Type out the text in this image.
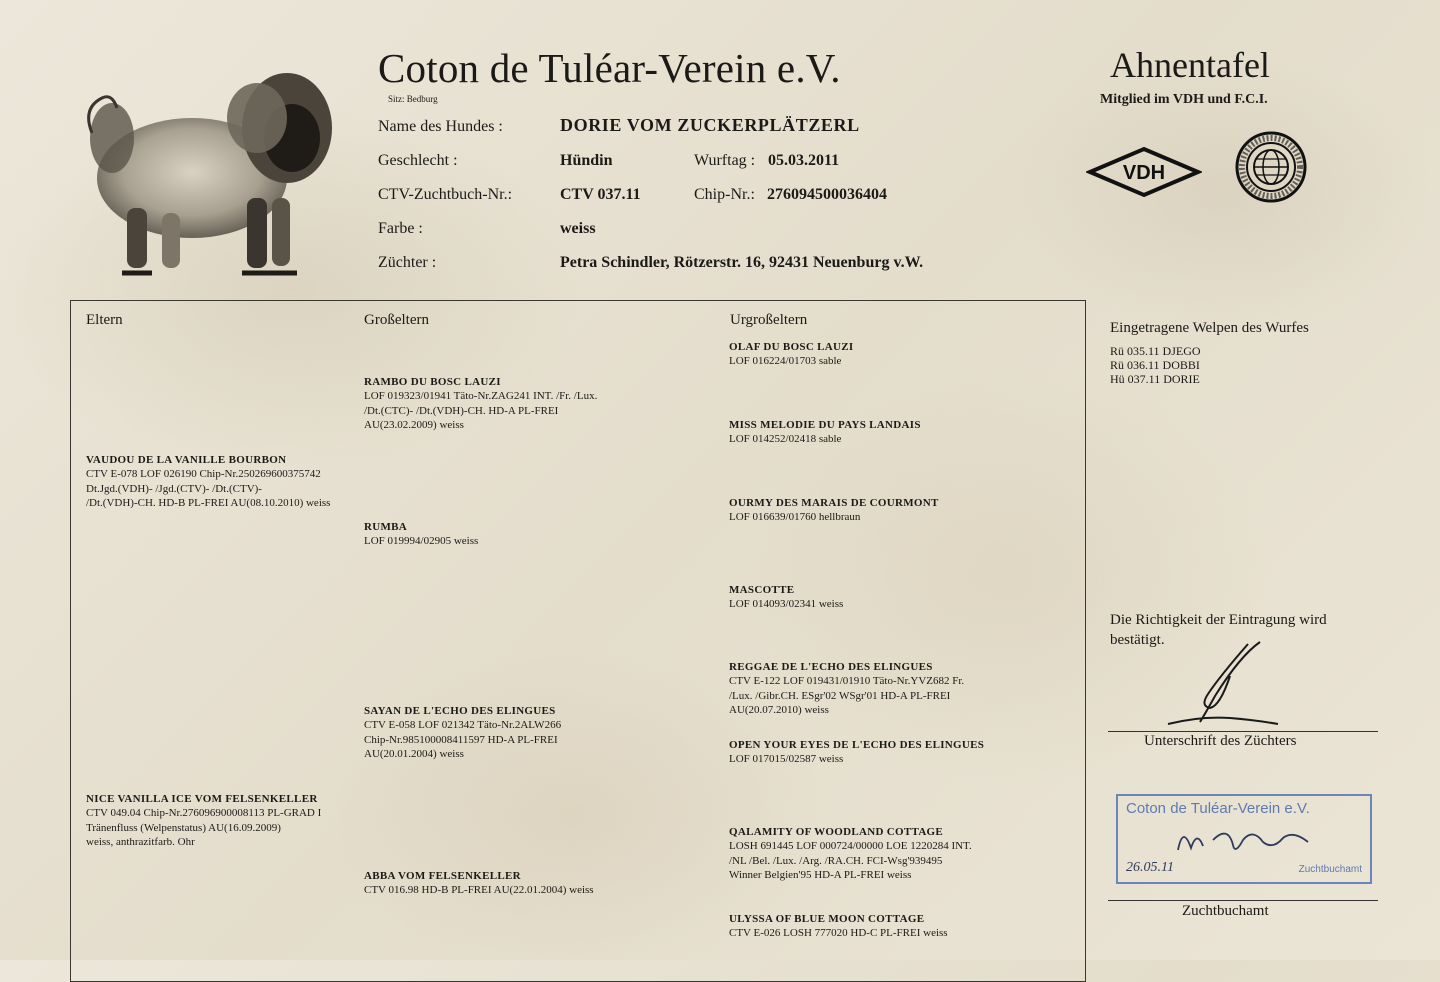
Coton de Tuléar-Verein e.V.
Sitz: Bedburg
Name des Hundes :	DORIE VOM ZUCKERPLÄTZERL
Geschlecht :	Hündin	Wurftag : 05.03.2011
CTV-Zuchtbuch-Nr.:	CTV 037.11	Chip-Nr.: 276094500036404
Farbe :	weiss
Züchter :	Petra Schindler, Rötzerstr. 16, 92431 Neuenburg v.W.
Ahnentafel
Mitglied im VDH und F.C.I.
VDH
Eltern	Großeltern	Urgroßeltern
VAUDOU DE LA VANILLE BOURBON
CTV E-078 LOF 026190 Chip-Nr.250269600375742
Dt.Jgd.(VDH)- /Jgd.(CTV)- /Dt.(CTV)-
/Dt.(VDH)-CH. HD-B PL-FREI AU(08.10.2010) weiss
NICE VANILLA ICE VOM FELSENKELLER
CTV 049.04 Chip-Nr.276096900008113 PL-GRAD I
Tränenfluss (Welpenstatus) AU(16.09.2009)
weiss, anthrazitfarb. Ohr
RAMBO DU BOSC LAUZI
LOF 019323/01941 Täto-Nr.ZAG241 INT. /Fr. /Lux.
/Dt.(CTC)- /Dt.(VDH)-CH. HD-A PL-FREI
AU(23.02.2009) weiss
RUMBA
LOF 019994/02905 weiss
SAYAN DE L'ECHO DES ELINGUES
CTV E-058 LOF 021342 Täto-Nr.2ALW266
Chip-Nr.985100008411597 HD-A PL-FREI
AU(20.01.2004) weiss
ABBA VOM FELSENKELLER
CTV 016.98 HD-B PL-FREI AU(22.01.2004) weiss
OLAF DU BOSC LAUZI
LOF 016224/01703 sable
MISS MELODIE DU PAYS LANDAIS
LOF 014252/02418 sable
OURMY DES MARAIS DE COURMONT
LOF 016639/01760 hellbraun
MASCOTTE
LOF 014093/02341 weiss
REGGAE DE L'ECHO DES ELINGUES
CTV E-122 LOF 019431/01910 Täto-Nr.YVZ682 Fr.
/Lux. /Gibr.CH. ESgr'02 WSgr'01 HD-A PL-FREI
AU(20.07.2010) weiss
OPEN YOUR EYES DE L'ECHO DES ELINGUES
LOF 017015/02587 weiss
QALAMITY OF WOODLAND COTTAGE
LOSH 691445 LOF 000724/00000 LOE 1220284 INT.
/NL /Bel. /Lux. /Arg. /RA.CH. FCI-Wsg'939495
Winner Belgien'95 HD-A PL-FREI weiss
ULYSSA OF BLUE MOON COTTAGE
CTV E-026 LOSH 777020 HD-C PL-FREI weiss
Eingetragene Welpen des Wurfes
Rü 035.11 DJEGO
Rü 036.11 DOBBI
Hü 037.11 DORIE
Die Richtigkeit der Eintragung wird bestätigt.
Unterschrift des Züchters
Coton de Tuléar-Verein e.V.
26.05.11	Zuchtbuchamt
Zuchtbuchamt
